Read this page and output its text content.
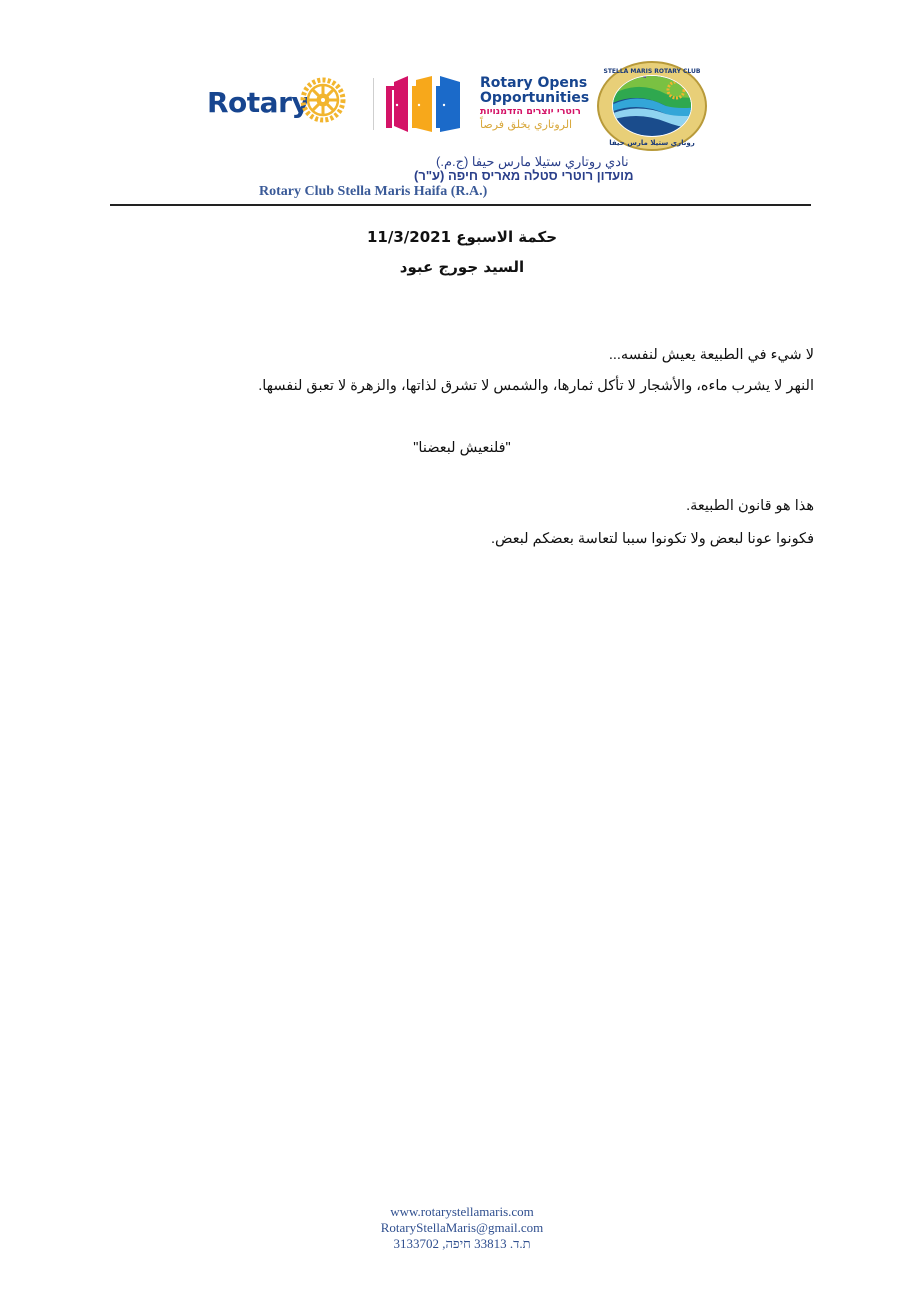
Rotary
Rotary Opens
Opportunities
רוטרי יוצרים הזדמנויות
الروتاري يخلق فرصاً
STELLA MARIS ROTARY CLUB
روتاري ستيلا مارس حيفا
نادي روتاري ستيلا مارس حيفا (ج.م.)
מועדון רוטרי סטלה מאריס חיפה (ע"ר)
Rotary Club Stella Maris Haifa (R.A.)
حكمة الاسبوع 11/3/2021
السيد جورج عبود
لا شيء في الطبيعة يعيش لنفسه...
النهر لا يشرب ماءه، والأشجار لا تأكل ثمارها، والشمس لا تشرق لذاتها، والزهرة لا تعبق لنفسها.
"فلنعيش لبعضنا"
هذا هو قانون الطبيعة.
فكونوا عونا لبعض ولا تكونوا سببا لتعاسة بعضكم لبعض.
www.rotarystellamaris.com
RotaryStellaMaris@gmail.com
ת.ד. 33813 חיפה, 3133702
